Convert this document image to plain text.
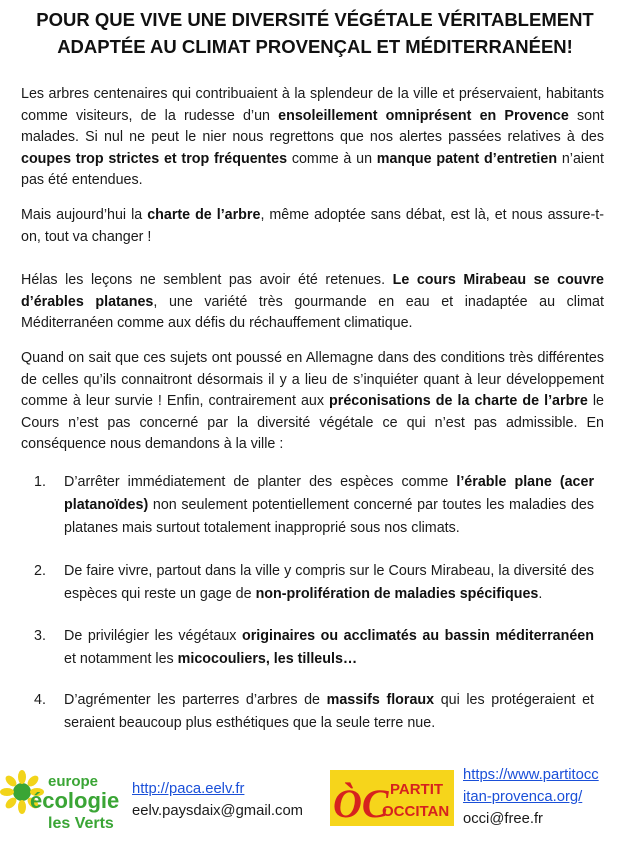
POUR QUE VIVE UNE DIVERSITÉ VÉGÉTALE VÉRITABLEMENT
ADAPTÉE AU CLIMAT PROVENÇAL ET MÉDITERRANÉEN!

Les arbres centenaires qui contribuaient à la splendeur de la ville et préservaient, habitants comme visiteurs, de la rudesse d’un ensoleillement omniprésent en Provence sont malades. Si nul ne peut le nier nous regrettons que nos alertes passées relatives à des coupes trop strictes et trop fréquentes comme à un manque patent d’entretien n’aient pas été entendues.

Mais aujourd’hui la charte de l’arbre, même adoptée sans débat, est là, et nous assure-t-on, tout va changer !

Hélas les leçons ne semblent pas avoir été retenues. Le cours Mirabeau se couvre d’érables platanes, une variété très gourmande en eau et inadaptée au climat Méditerranéen comme aux défis du réchauffement climatique.

Quand on sait que ces sujets ont poussé en Allemagne dans des conditions très différentes de celles qu’ils connaitront désormais il y a lieu de s’inquiéter quant à leur développement comme à leur survie ! Enfin, contrairement aux préconisations de la charte de l’arbre le Cours n’est pas concerné par la diversité végétale ce qui n’est pas admissible. En conséquence nous demandons à la ville :

1. D’arrêter immédiatement de planter des espèces comme l’érable plane (acer platanoïdes) non seulement potentiellement concerné par toutes les maladies des platanes mais surtout totalement inapproprié sous nos climats.
2. De faire vivre, partout dans la ville y compris sur le Cours Mirabeau, la diversité des espèces qui reste un gage de non-prolifération de maladies spécifiques.
3. De privilégier les végétaux originaires ou acclimatés au bassin méditerranéen et notamment les micocouliers, les tilleuls…
4. D’agrémenter les parterres d’arbres de massifs floraux qui les protégeraient et seraient beaucoup plus esthétiques que la seule terre nue.
europe
écologie
les Verts
http://paca.eelv.fr
eelv.paysdaix@gmail.com ÒC PARTIT
OCCITAN
https://www.partitocc
itan-provenca.org/
occi@free.fr
